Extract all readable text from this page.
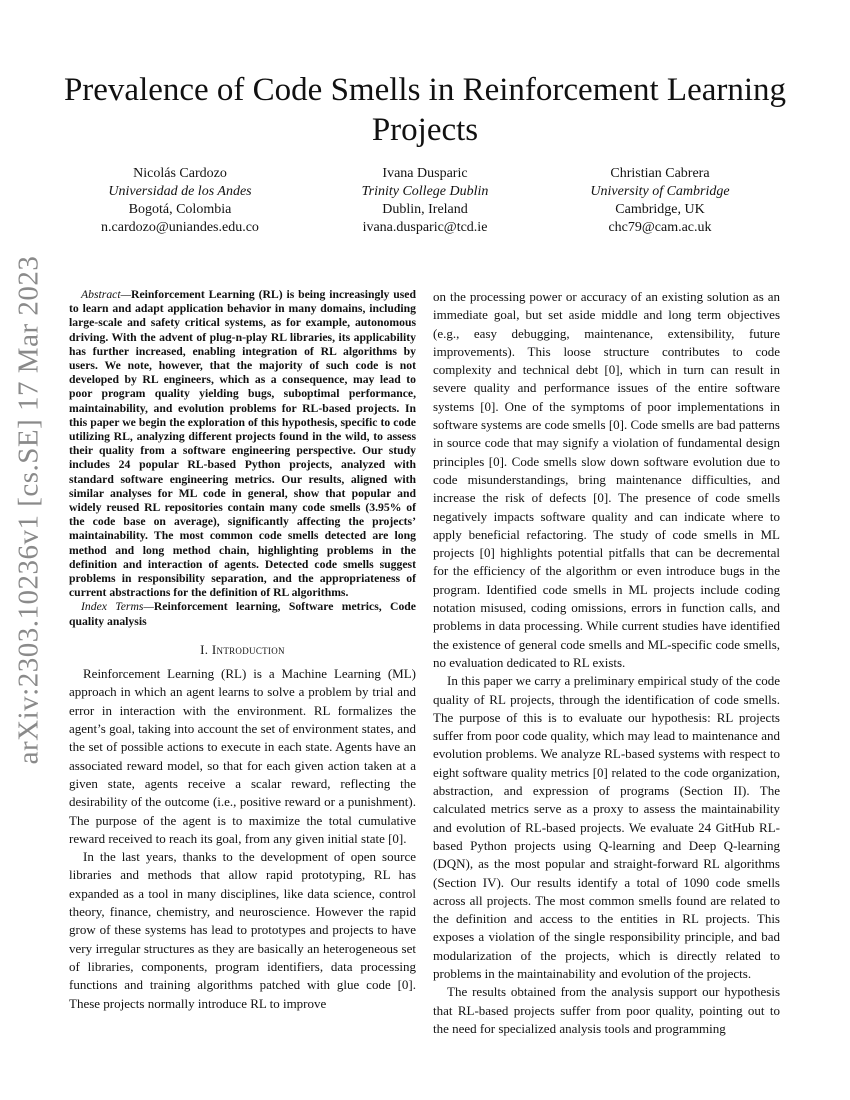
arXiv:2303.10236v1 [cs.SE] 17 Mar 2023
Prevalence of Code Smells in Reinforcement Learning Projects
Nicolás Cardozo
Universidad de los Andes
Bogotá, Colombia
n.cardozo@uniandes.edu.co
Ivana Dusparic
Trinity College Dublin
Dublin, Ireland
ivana.dusparic@tcd.ie
Christian Cabrera
University of Cambridge
Cambridge, UK
chc79@cam.ac.uk

Abstract—Reinforcement Learning (RL) is being increasingly used to learn and adapt application behavior in many domains, including large-scale and safety critical systems, as for example, autonomous driving. With the advent of plug-n-play RL libraries, its applicability has further increased, enabling integration of RL algorithms by users. We note, however, that the majority of such code is not developed by RL engineers, which as a consequence, may lead to poor program quality yielding bugs, suboptimal performance, maintainability, and evolution problems for RL-based projects. In this paper we begin the exploration of this hypothesis, specific to code utilizing RL, analyzing different projects found in the wild, to assess their quality from a software engineering perspective. Our study includes 24 popular RL-based Python projects, analyzed with standard software engineering metrics. Our results, aligned with similar analyses for ML code in general, show that popular and widely reused RL repositories contain many code smells (3.95% of the code base on average), significantly affecting the projects’ maintainability. The most common code smells detected are long method and long method chain, highlighting problems in the definition and interaction of agents. Detected code smells suggest problems in responsibility separation, and the appropriateness of current abstractions for the definition of RL algorithms.

Index Terms—Reinforcement learning, Software metrics, Code quality analysis

I. Introduction

Reinforcement Learning (RL) is a Machine Learning (ML) approach in which an agent learns to solve a problem by trial and error in interaction with the environment. RL formalizes the agent’s goal, taking into account the set of environment states, and the set of possible actions to execute in each state. Agents have an associated reward model, so that for each given action taken at a given state, agents receive a scalar reward, reflecting the desirability of the outcome (i.e., positive reward or a punishment). The purpose of the agent is to maximize the total cumulative reward received to reach its goal, from any given initial state [0].

In the last years, thanks to the development of open source libraries and methods that allow rapid prototyping, RL has expanded as a tool in many disciplines, like data science, control theory, finance, chemistry, and neuroscience. However the rapid grow of these systems has lead to prototypes and projects to have very irregular structures as they are basically an heterogeneous set of libraries, components, program identifiers, data processing functions and training algorithms patched with glue code [0]. These projects normally introduce RL to improve

on the processing power or accuracy of an existing solution as an immediate goal, but set aside middle and long term objectives (e.g., easy debugging, maintenance, extensibility, future improvements). This loose structure contributes to code complexity and technical debt [0], which in turn can result in severe quality and performance issues of the entire software systems [0]. One of the symptoms of poor implementations in software systems are code smells [0]. Code smells are bad patterns in source code that may signify a violation of fundamental design principles [0]. Code smells slow down software evolution due to code misunderstandings, bring maintenance difficulties, and increase the risk of defects [0]. The presence of code smells negatively impacts software quality and can indicate where to apply beneficial refactoring. The study of code smells in ML projects [0] highlights potential pitfalls that can be decremental for the efficiency of the algorithm or even introduce bugs in the program. Identified code smells in ML projects include coding notation misused, coding omissions, errors in function calls, and problems in data processing. While current studies have identified the existence of general code smells and ML-specific code smells, no evaluation dedicated to RL exists.

In this paper we carry a preliminary empirical study of the code quality of RL projects, through the identification of code smells. The purpose of this is to evaluate our hypothesis: RL projects suffer from poor code quality, which may lead to maintenance and evolution problems. We analyze RL-based systems with respect to eight software quality metrics [0] related to the code organization, abstraction, and expression of programs (Section II). The calculated metrics serve as a proxy to assess the maintainability and evolution of RL-based projects. We evaluate 24 GitHub RL-based Python projects using Q-learning and Deep Q-learning (DQN), as the most popular and straight-forward RL algorithms (Section IV). Our results identify a total of 1090 code smells across all projects. The most common smells found are related to the definition and access to the entities in RL projects. This exposes a violation of the single responsibility principle, and bad modularization of the projects, which is directly related to problems in the maintainability and evolution of the projects.

The results obtained from the analysis support our hypothesis that RL-based projects suffer from poor quality, pointing out to the need for specialized analysis tools and programming
